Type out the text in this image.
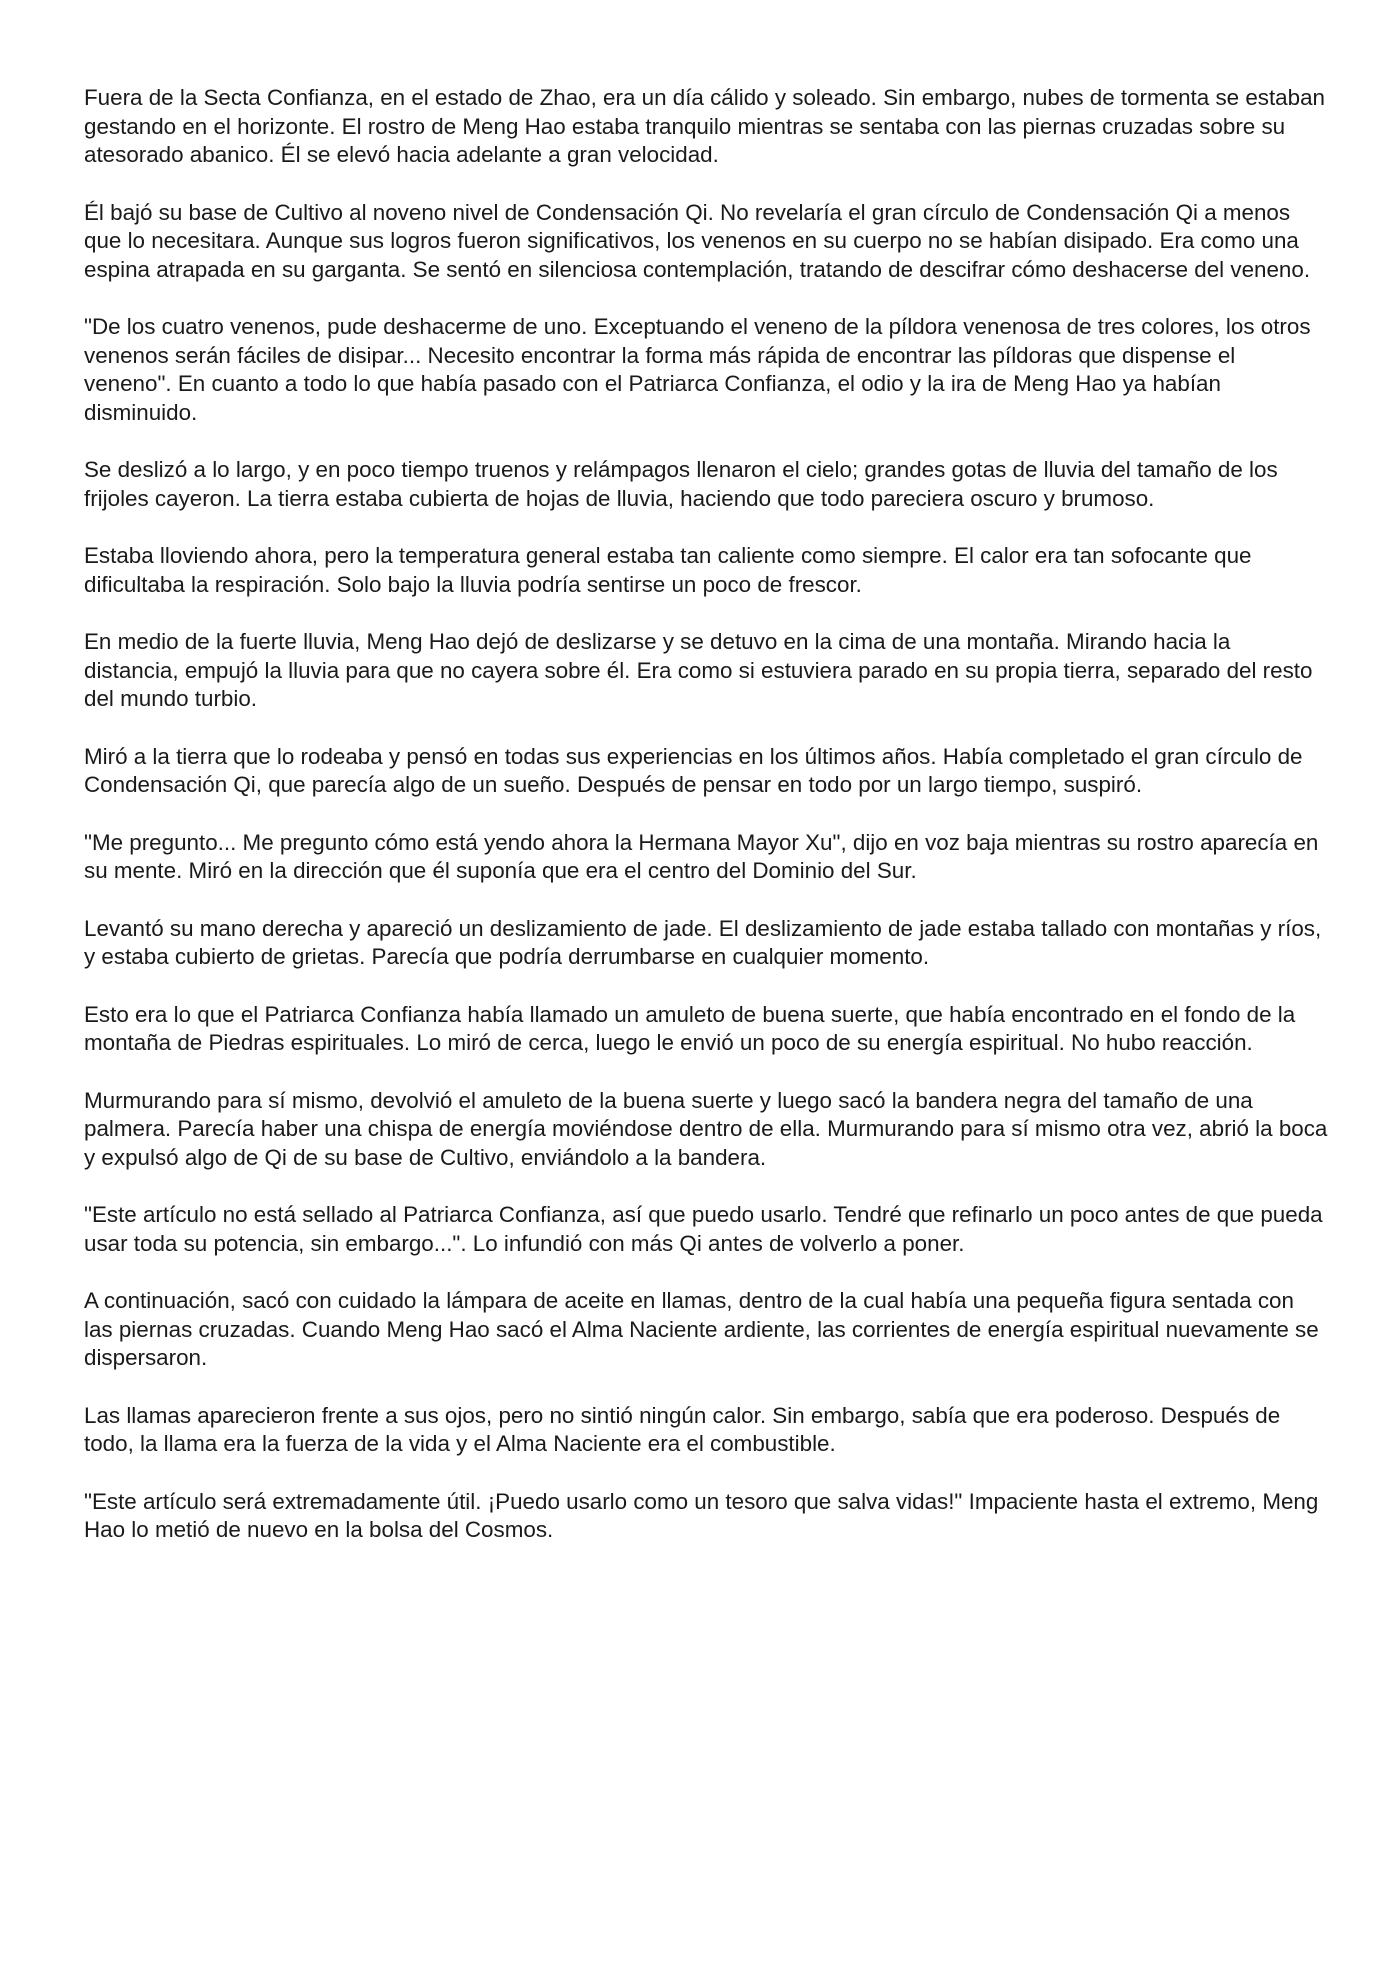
Fuera de la Secta Confianza, en el estado de Zhao, era un día cálido y soleado. Sin embargo, nubes de tormenta se estaban gestando en el horizonte. El rostro de Meng Hao estaba tranquilo mientras se sentaba con las piernas cruzadas sobre su atesorado abanico. Él se elevó hacia adelante a gran velocidad.

Él bajó su base de Cultivo al noveno nivel de Condensación Qi. No revelaría el gran círculo de Condensación Qi a menos que lo necesitara. Aunque sus logros fueron significativos, los venenos en su cuerpo no se habían disipado. Era como una espina atrapada en su garganta. Se sentó en silenciosa contemplación, tratando de descifrar cómo deshacerse del veneno.

"De los cuatro venenos, pude deshacerme de uno. Exceptuando el veneno de la píldora venenosa de tres colores, los otros venenos serán fáciles de disipar... Necesito encontrar la forma más rápida de encontrar las píldoras que dispense el veneno". En cuanto a todo lo que había pasado con el Patriarca Confianza, el odio y la ira de Meng Hao ya habían disminuido.

Se deslizó a lo largo, y en poco tiempo truenos y relámpagos llenaron el cielo; grandes gotas de lluvia del tamaño de los frijoles cayeron. La tierra estaba cubierta de hojas de lluvia, haciendo que todo pareciera oscuro y brumoso.

Estaba lloviendo ahora, pero la temperatura general estaba tan caliente como siempre. El calor era tan sofocante que dificultaba la respiración. Solo bajo la lluvia podría sentirse un poco de frescor.

En medio de la fuerte lluvia, Meng Hao dejó de deslizarse y se detuvo en la cima de una montaña. Mirando hacia la distancia, empujó la lluvia para que no cayera sobre él. Era como si estuviera parado en su propia tierra, separado del resto del mundo turbio.

Miró a la tierra que lo rodeaba y pensó en todas sus experiencias en los últimos años. Había completado el gran círculo de Condensación Qi, que parecía algo de un sueño. Después de pensar en todo por un largo tiempo, suspiró.

"Me pregunto... Me pregunto cómo está yendo ahora la Hermana Mayor Xu", dijo en voz baja mientras su rostro aparecía en su mente. Miró en la dirección que él suponía que era el centro del Dominio del Sur.

Levantó su mano derecha y apareció un deslizamiento de jade. El deslizamiento de jade estaba tallado con montañas y ríos, y estaba cubierto de grietas. Parecía que podría derrumbarse en cualquier momento.

Esto era lo que el Patriarca Confianza había llamado un amuleto de buena suerte, que había encontrado en el fondo de la montaña de Piedras espirituales. Lo miró de cerca, luego le envió un poco de su energía espiritual. No hubo reacción.

Murmurando para sí mismo, devolvió el amuleto de la buena suerte y luego sacó la bandera negra del tamaño de una palmera. Parecía haber una chispa de energía moviéndose dentro de ella. Murmurando para sí mismo otra vez, abrió la boca y expulsó algo de Qi de su base de Cultivo, enviándolo a la bandera.

"Este artículo no está sellado al Patriarca Confianza, así que puedo usarlo. Tendré que refinarlo un poco antes de que pueda usar toda su potencia, sin embargo...". Lo infundió con más Qi antes de volverlo a poner.

A continuación, sacó con cuidado la lámpara de aceite en llamas, dentro de la cual había una pequeña figura sentada con las piernas cruzadas. Cuando Meng Hao sacó el Alma Naciente ardiente, las corrientes de energía espiritual nuevamente se dispersaron.

Las llamas aparecieron frente a sus ojos, pero no sintió ningún calor. Sin embargo, sabía que era poderoso. Después de todo, la llama era la fuerza de la vida y el Alma Naciente era el combustible.

"Este artículo será extremadamente útil. ¡Puedo usarlo como un tesoro que salva vidas!" Impaciente hasta el extremo, Meng Hao lo metió de nuevo en la bolsa del Cosmos.
